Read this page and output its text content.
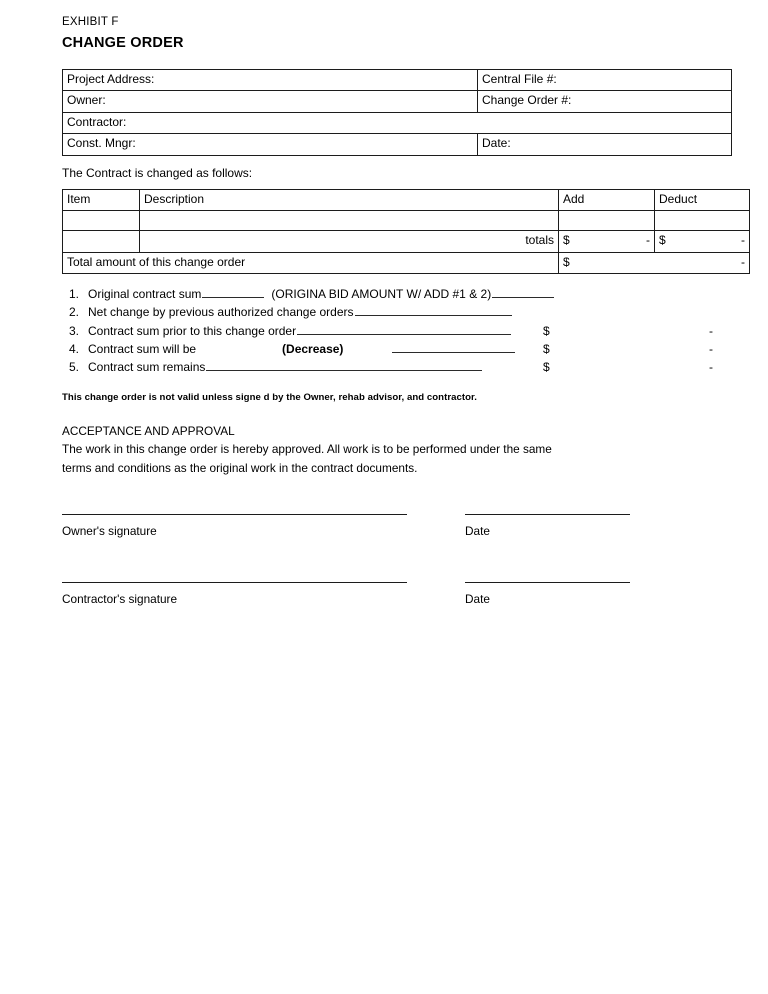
EXHIBIT F
CHANGE ORDER
Project Address:	Central File #:
Owner:	Change Order #:
Contractor:	
Const. Mngr:	Date:
The Contract is changed as follows:
Item	Description	Add	Deduct

	totals	$ -	$ -

Total amount of this change order		$ -	
1. Original contract sum	(ORIGINA BID AMOUNT W/ ADD #1 & 2)
2. Net change by previous authorized change orders
3. Contract sum prior to this change order	$	-
4. Contract sum will be	(Decrease)	$	-
5. Contract sum remains	$	-
This change order is not valid unless signe d by the Owner, rehab advisor, and contractor.
ACCEPTANCE AND APPROVAL
The work in this change order is hereby approved. All work is to be performed under the same
terms and conditions as the original work in the contract documents.
Owner's signature	Date
Contractor's signature	Date
